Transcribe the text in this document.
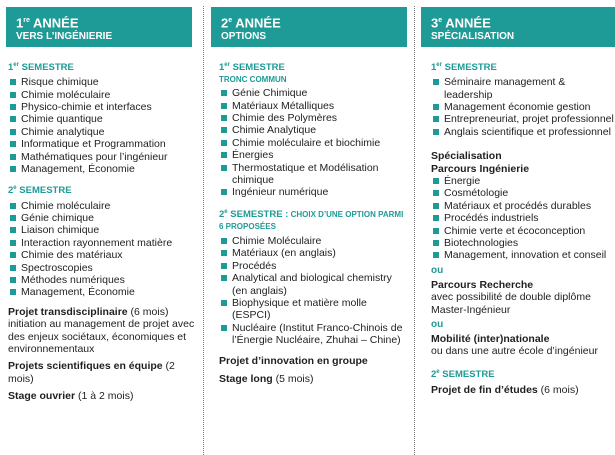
1re ANNÉE
VERS L’INGÉNIERIE
1er SEMESTRE
Risque chimique
Chimie moléculaire
Physico-chimie et interfaces
Chimie quantique
Chimie analytique
Informatique et Programmation
Mathématiques pour l’ingénieur
Management, Économie
2e SEMESTRE
Chimie moléculaire
Génie chimique
Liaison chimique
Interaction rayonnement matière
Chimie des matériaux
Spectroscopies
Méthodes numériques
Management, Économie
Projet transdisciplinaire (6 mois) initiation au management de projet avec des enjeux sociétaux, économiques et environnementaux
Projets scientifiques en équipe (2 mois)
Stage ouvrier (1 à 2 mois)
2e ANNÉE
OPTIONS
1er SEMESTRE
TRONC COMMUN
Génie Chimique
Matériaux Métalliques
Chimie des Polymères
Chimie Analytique
Chimie moléculaire et biochimie
Énergies
Thermostatique et Modélisation chimique
Ingénieur numérique
2e SEMESTRE : CHOIX D’UNE OPTION PARMI 6 PROPOSÉES
Chimie Moléculaire
Matériaux (en anglais)
Procédés
Analytical and biological chemistry (en anglais)
Biophysique et matière molle (ESPCI)
Nucléaire (Institut Franco-Chinois de l’Énergie Nucléaire, Zhuhai – Chine)
Projet d’innovation en groupe
Stage long (5 mois)
3e ANNÉE
SPÉCIALISATION
1er SEMESTRE
Séminaire management & leadership
Management économie gestion
Entrepreneuriat, projet professionnel
Anglais scientifique et professionnel
Spécialisation
Parcours Ingénierie
Énergie
Cosmétologie
Matériaux et procédés durables
Procédés industriels
Chimie verte et écoconception
Biotechnologies
Management, innovation et conseil
ou
Parcours Recherche
avec possibilité de double diplôme Master-Ingénieur
ou
Mobilité (inter)nationale
ou dans une autre école d’ingénieur
2e SEMESTRE
Projet de fin d’études (6 mois)
